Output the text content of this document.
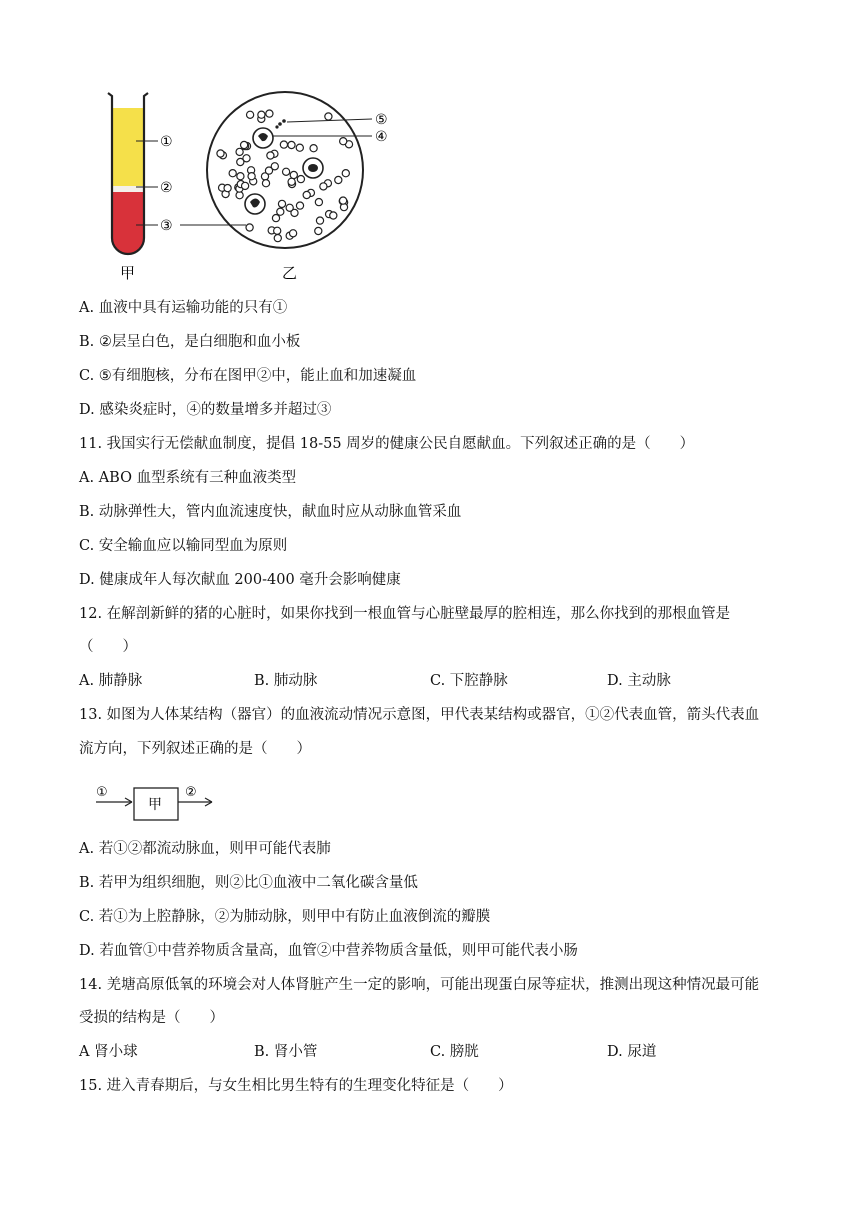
①
②
③
甲
⑤
④
乙
A. 血液中具有运输功能的只有①
B. ②层呈白色，是白细胞和血小板
C. ⑤有细胞核，分布在图甲②中，能止血和加速凝血
D. 感染炎症时，④的数量增多并超过③
11. 我国实行无偿献血制度，提倡 18-55 周岁的健康公民自愿献血。下列叙述正确的是（　　）
A. ABO 血型系统有三种血液类型
B. 动脉弹性大，管内血流速度快，献血时应从动脉血管采血
C. 安全输血应以输同型血为原则
D. 健康成年人每次献血 200-400 毫升会影响健康
12. 在解剖新鲜的猪的心脏时，如果你找到一根血管与心脏壁最厚的腔相连，那么你找到的那根血管是
（　　）
A. 肺静脉	B. 肺动脉	C. 下腔静脉	D. 主动脉
13. 如图为人体某结构（器官）的血液流动情况示意图，甲代表某结构或器官，①②代表血管，箭头代表血
流方向，下列叙述正确的是（　　）
①
甲
②
A. 若①②都流动脉血，则甲可能代表肺
B. 若甲为组织细胞，则②比①血液中二氧化碳含量低
C. 若①为上腔静脉，②为肺动脉，则甲中有防止血液倒流的瓣膜
D. 若血管①中营养物质含量高，血管②中营养物质含量低，则甲可能代表小肠
14. 羌塘高原低氧的环境会对人体肾脏产生一定的影响，可能出现蛋白尿等症状，推测出现这种情况最可能
受损的结构是（　　）
A 肾小球	B. 肾小管	C. 膀胱	D. 尿道
15. 进入青春期后，与女生相比男生特有的生理变化特征是（　　）
